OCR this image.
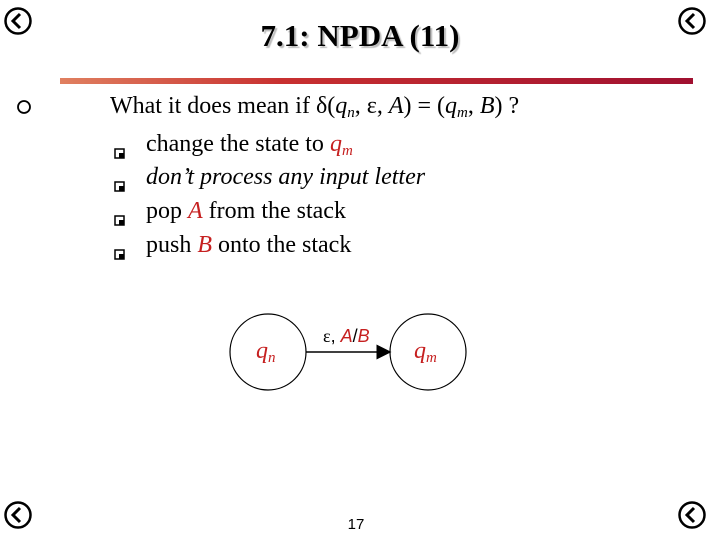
7.1: NPDA (11)
What it does mean if $\delta(q_n$, ε, $A) = (q_m$, B) ?
change the state to $q_m$
don’t process any input letter
pop A from the stack
push B onto the stack
$q_n$	$q_m$
ε, A/B
17
